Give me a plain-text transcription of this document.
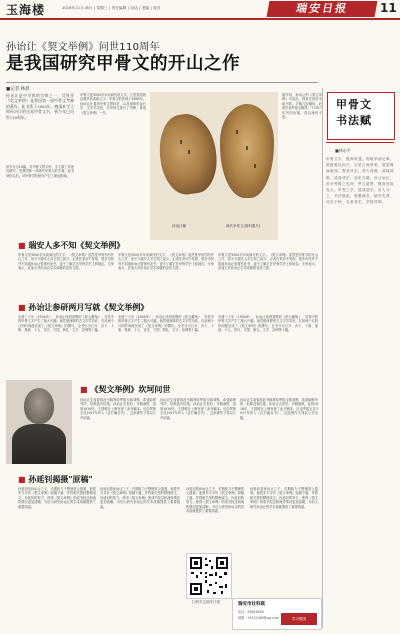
玉海楼	2016年11月16日 | 星期三 | 责任编辑 | 电话 | 美编 | 校对	瑞安日报	11
孙诒让《契文举例》问世110周年
是我国研究甲骨文的开山之作
■记者 林晨
孙诒让是中学界的宗师之一，其所作《契文举例》是我国第一部甲骨文考释的著作。此书著于1904年，晚清朴学大师孙诒让的这本甲骨文书，到今年已问世110周年。
甲骨文是3000多年前商代的文字，它是我国现存最早的系统文字。甲骨文的发现于1899年。孙诒让在看到甲骨文资料后，以其深厚的金石学、文字学功底，对甲骨文进行了考释，著成《契文举例》一书。
该书分为10篇，对甲骨文的字形、字义做了开创性研究，是我国第一部研究甲骨文的专著。此书问世以后，对甲骨学的研究产生了深远影响。
孙诒让像	商代甲骨文(资料图片)
据介绍，孙诒让的《契文举例》写成后，因其在世时未能刊印，手稿几经辗转，后被学者罗振玉购得，于1917年刊印出版，得以流传于世。
■ 瑞安人多不知《契文举例》
甲骨文是3000多年前商代的文字。《契文举例》虽然是甲骨学的开山之作，但不少瑞安人对它知之甚少。记者在采访中发现，很多市民并不知道孙诒让曾著有此书，更不了解它在甲骨学史上的地位。专家表示，应加大对孙诒让学术成就的宣传力度。
甲骨文是3000多年前商代的文字。《契文举例》虽然是甲骨学的开山之作，但不少瑞安人对它知之甚少。记者在采访中发现，很多市民并不知道孙诒让曾著有此书，更不了解它在甲骨学史上的地位。专家表示，应加大对孙诒让学术成就的宣传力度。
甲骨文是3000多年前商代的文字。《契文举例》虽然是甲骨学的开山之作，但不少瑞安人对它知之甚少。记者在采访中发现，很多市民并不知道孙诒让曾著有此书，更不了解它在甲骨学史上的地位。专家表示，应加大对孙诒让学术成就的宣传力度。
■ 孙诒让参研两月写就《契文举例》
光绪三十年（1904年），孙诒让读到刘鹗的《铁云藏龟》，对其中的甲骨文字产生了极大兴趣。他凭借深厚的古文字学功底，仅用两个月的时间便完成了《契文举例》的撰写。全书分为日月、贞卜、卜事、鬼神、卜人、官氏、方国、典礼、文字、杂例等十篇。
光绪三十年（1904年），孙诒让读到刘鹗的《铁云藏龟》，对其中的甲骨文字产生了极大兴趣。他凭借深厚的古文字学功底，仅用两个月的时间便完成了《契文举例》的撰写。全书分为日月、贞卜、卜事、鬼神、卜人、官氏、方国、典礼、文字、杂例等十篇。
光绪三十年（1904年），孙诒让读到刘鹗的《铁云藏龟》，对其中的甲骨文字产生了极大兴趣。他凭借深厚的古文字学功底，仅用两个月的时间便完成了《契文举例》的撰写。全书分为日月、贞卜、卜事、鬼神、卜人、官氏、方国、典礼、文字、杂例等十篇。
■ 《契文举例》坎坷问世
孙诒让生前曾将此书稿寄给罗振玉和刘鹗，希望能够刊印，但都没有结果。孙诒让去世后，书稿流散，直到1916年，王国维在上海发现了此书稿本，后由罗振玉在1917年印入《吉石庵丛书》，这部著作才得以公开出版。
孙诒让生前曾将此书稿寄给罗振玉和刘鹗，希望能够刊印，但都没有结果。孙诒让去世后，书稿流散，直到1916年，王国维在上海发现了此书稿本，后由罗振玉在1917年印入《吉石庵丛书》，这部著作才得以公开出版。
孙诒让生前曾将此书稿寄给罗振玉和刘鹗，希望能够刊印，但都没有结果。孙诒让去世后，书稿流散，直到1916年，王国维在上海发现了此书稿本，后由罗振玉在1917年印入《吉石庵丛书》，这部著作才得以公开出版。
■ 孙延钊揭摄"原稿"
孙延钊是孙诒让之子，长期致力于整理其父遗著。他曾多方寻访《契文举例》原稿下落，并将相关资料整理成文。孙延钊的努力，使得《契文举例》的成书经过和流传情况更加清晰，为后人研究孙诒让的学术成就提供了重要线索。
孙延钊是孙诒让之子，长期致力于整理其父遗著。他曾多方寻访《契文举例》原稿下落，并将相关资料整理成文。孙延钊的努力，使得《契文举例》的成书经过和流传情况更加清晰，为后人研究孙诒让的学术成就提供了重要线索。
孙延钊是孙诒让之子，长期致力于整理其父遗著。他曾多方寻访《契文举例》原稿下落，并将相关资料整理成文。孙延钊的努力，使得《契文举例》的成书经过和流传情况更加清晰，为后人研究孙诒让的学术成就提供了重要线索。
孙延钊是孙诒让之子，长期致力于整理其父遗著。他曾多方寻访《契文举例》原稿下落，并将相关资料整理成文。孙延钊的努力，使得《契文举例》的成书经过和流传情况更加清晰，为后人研究孙诒让的学术成就提供了重要线索。
扫码关注瑞安日报	瑞安市社科联
电话：65818000
邮箱：94122480@qq.com	学习强国
甲骨文
书法赋
■林东平
甲骨文字，殷商所遗。刻龟甲而记事，契兽骨以问天。字虽古而形美，笔虽简而意深。观其体态，或方或圆，或疏或密，或奇或正，变化万端。孙公诒让，首开考释之先河；罗王诸贤，继而发扬光大。甲骨之学，遂成显学。后人习之，书法焕彩，笔墨流芳。瑞安先贤，功在千秋，名垂青史，学林共仰。
